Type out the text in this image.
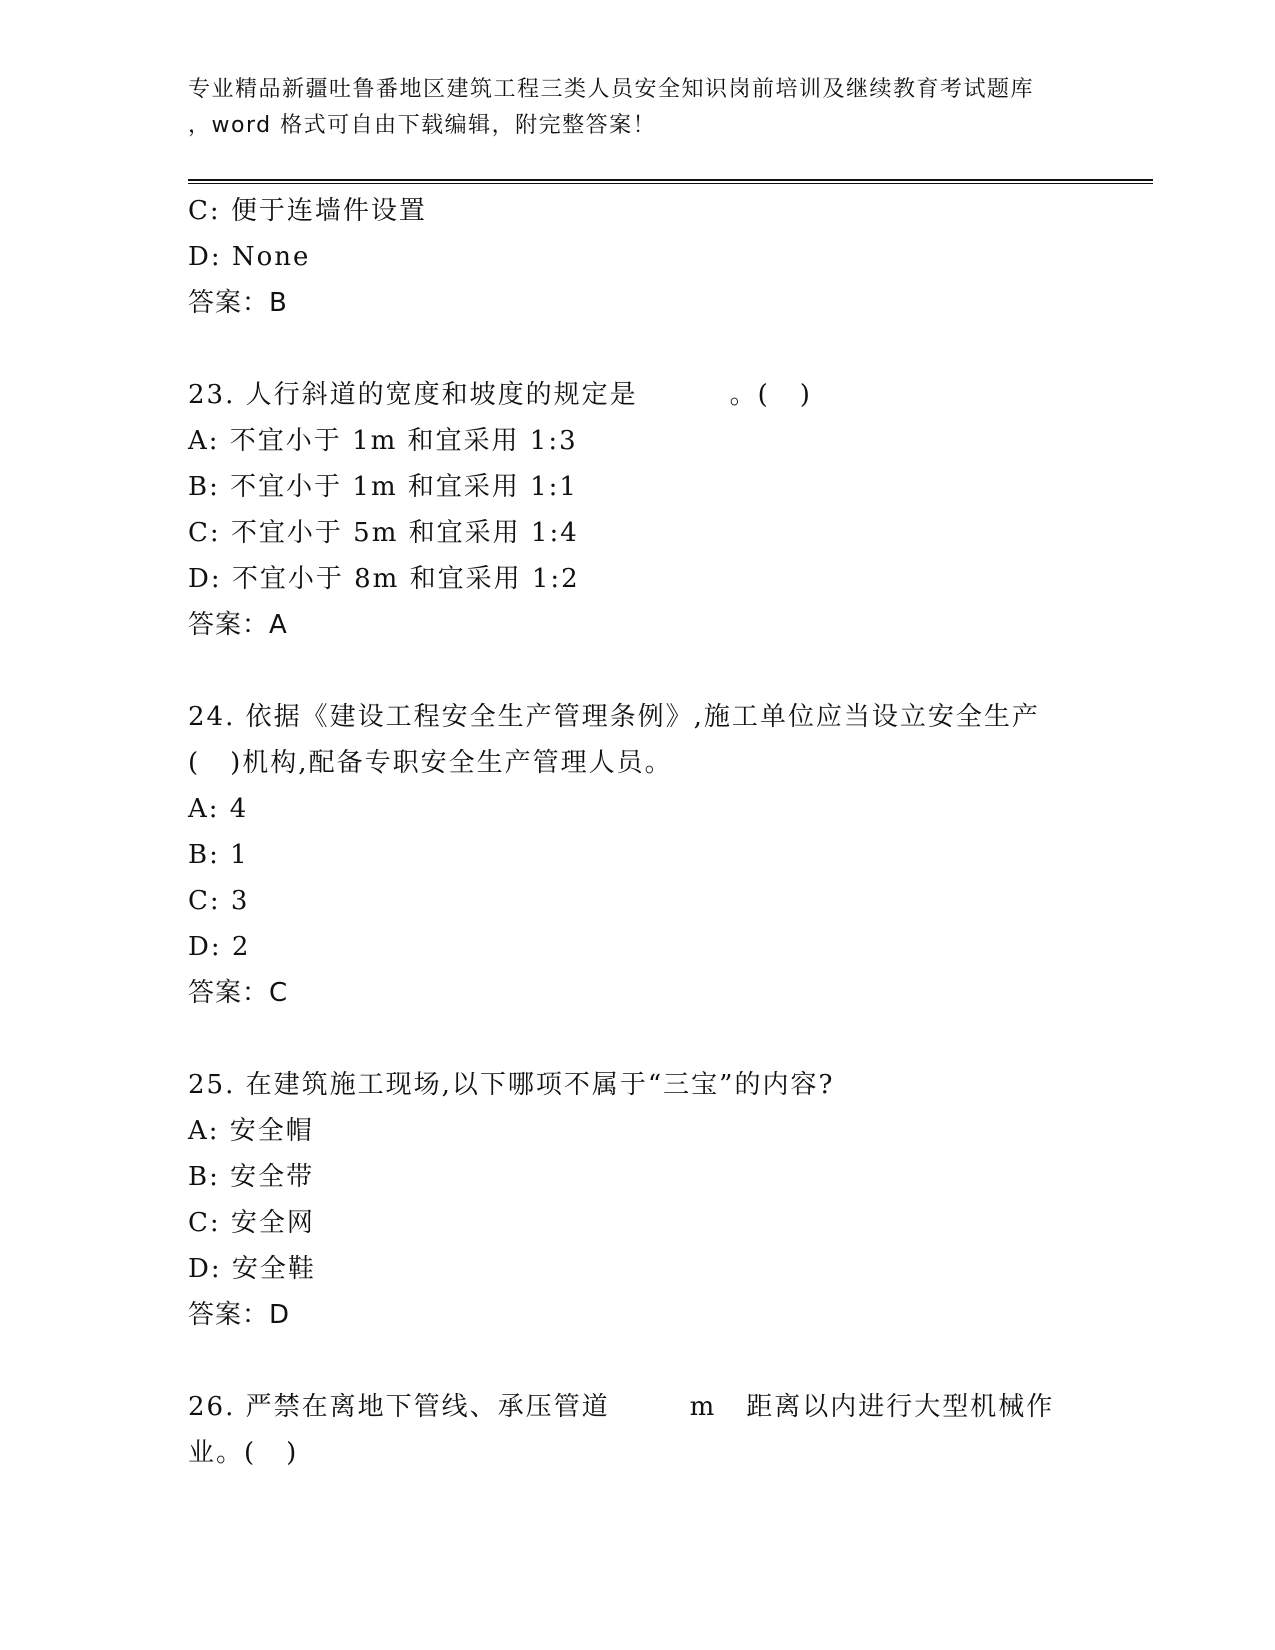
专业精品新疆吐鲁番地区建筑工程三类人员安全知识岗前培训及继续教育考试题库
，word 格式可自由下载编辑，附完整答案！
C: 便于连墙件设置
D: None
答案：B
23. 人行斜道的宽度和坡度的规定是	。( )
A: 不宜小于 1m 和宜采用 1:3
B: 不宜小于 1m 和宜采用 1:1
C: 不宜小于 5m 和宜采用 1:4
D: 不宜小于 8m 和宜采用 1:2
答案：A
24. 依据《建设工程安全生产管理条例》,施工单位应当设立安全生产
( )机构,配备专职安全生产管理人员。
A: 4
B: 1
C: 3
D: 2
答案：C
25. 在建筑施工现场,以下哪项不属于“三宝”的内容?
A: 安全帽
B: 安全带
C: 安全网
D: 安全鞋
答案：D
26. 严禁在离地下管线、承压管道	m 距离以内进行大型机械作
业。( )
